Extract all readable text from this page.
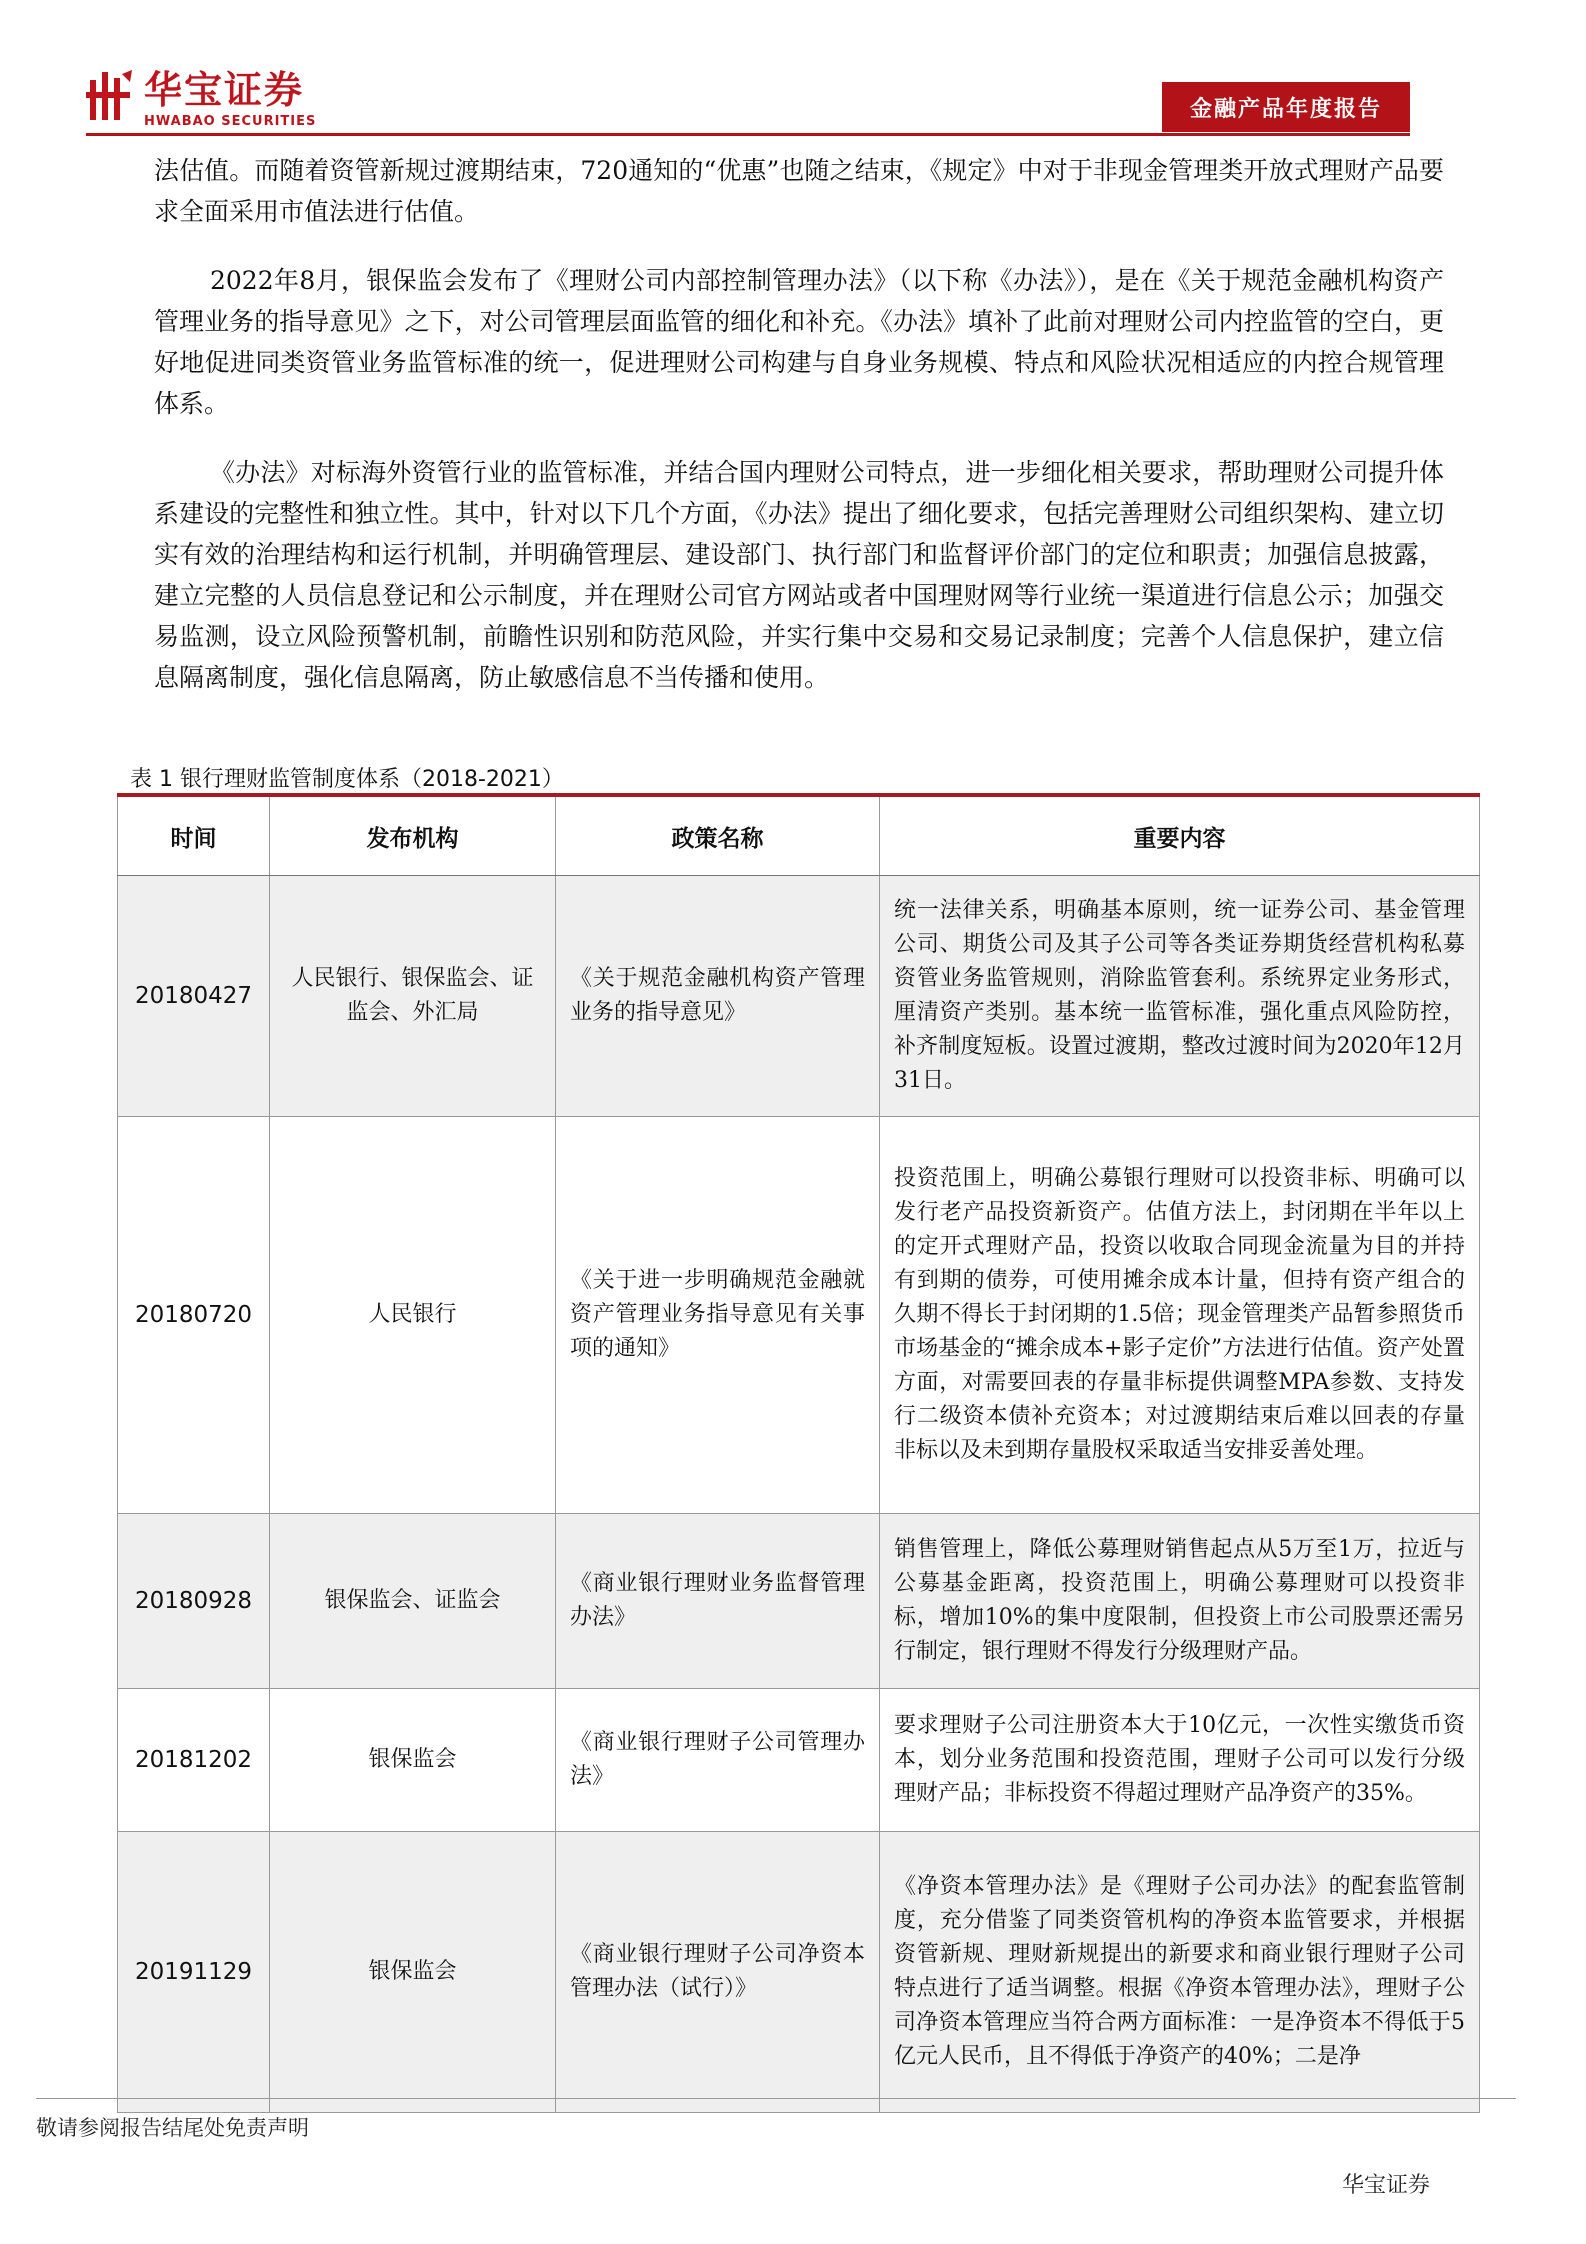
华宝证券
HWABAO SECURITIES	金融产品年度报告

法估值。而随着资管新规过渡期结束，720通知的“优惠”也随之结束，《规定》中对于非现金管理类开放式理财产品要求全面采用市值法进行估值。

2022年8月，银保监会发布了《理财公司内部控制管理办法》（以下称《办法》），是在《关于规范金融机构资产管理业务的指导意见》之下，对公司管理层面监管的细化和补充。《办法》填补了此前对理财公司内控监管的空白，更好地促进同类资管业务监管标准的统一，促进理财公司构建与自身业务规模、特点和风险状况相适应的内控合规管理体系。

《办法》对标海外资管行业的监管标准，并结合国内理财公司特点，进一步细化相关要求，帮助理财公司提升体系建设的完整性和独立性。其中，针对以下几个方面，《办法》提出了细化要求，包括完善理财公司组织架构、建立切实有效的治理结构和运行机制，并明确管理层、建设部门、执行部门和监督评价部门的定位和职责；加强信息披露，建立完整的人员信息登记和公示制度，并在理财公司官方网站或者中国理财网等行业统一渠道进行信息公示；加强交易监测，设立风险预警机制，前瞻性识别和防范风险，并实行集中交易和交易记录制度；完善个人信息保护，建立信息隔离制度，强化信息隔离，防止敏感信息不当传播和使用。

表 1 银行理财监管制度体系（2018-2021）
时间	发布机构	政策名称	重要内容
20180427	人民银行、银保监会、证监会、外汇局	《关于规范金融机构资产管理业务的指导意见》	统一法律关系，明确基本原则，统一证券公司、基金管理公司、期货公司及其子公司等各类证券期货经营机构私募资管业务监管规则，消除监管套利。系统界定业务形式，厘清资产类别。基本统一监管标准，强化重点风险防控，补齐制度短板。设置过渡期，整改过渡时间为2020年12月31日。
20180720	人民银行	《关于进一步明确规范金融就资产管理业务指导意见有关事项的通知》	投资范围上，明确公募银行理财可以投资非标、明确可以发行老产品投资新资产。估值方法上，封闭期在半年以上的定开式理财产品，投资以收取合同现金流量为目的并持有到期的债券，可使用摊余成本计量，但持有资产组合的久期不得长于封闭期的1.5倍；现金管理类产品暂参照货币市场基金的“摊余成本+影子定价”方法进行估值。资产处置方面，对需要回表的存量非标提供调整MPA参数、支持发行二级资本债补充资本；对过渡期结束后难以回表的存量非标以及未到期存量股权采取适当安排妥善处理。
20180928	银保监会、证监会	《商业银行理财业务监督管理办法》	销售管理上，降低公募理财销售起点从5万至1万，拉近与公募基金距离，投资范围上，明确公募理财可以投资非标，增加10%的集中度限制，但投资上市公司股票还需另行制定，银行理财不得发行分级理财产品。
20181202	银保监会	《商业银行理财子公司管理办法》	要求理财子公司注册资本大于10亿元，一次性实缴货币资本，划分业务范围和投资范围，理财子公司可以发行分级理财产品；非标投资不得超过理财产品净资产的35%。
20191129	银保监会	《商业银行理财子公司净资本管理办法（试行）》	《净资本管理办法》是《理财子公司办法》的配套监管制度，充分借鉴了同类资管机构的净资本监管要求，并根据资管新规、理财新规提出的新要求和商业银行理财子公司特点进行了适当调整。根据《净资本管理办法》，理财子公司净资本管理应当符合两方面标准：一是净资本不得低于5亿元人民币，且不得低于净资产的40%；二是净
敬请参阅报告结尾处免责声明
华宝证券
